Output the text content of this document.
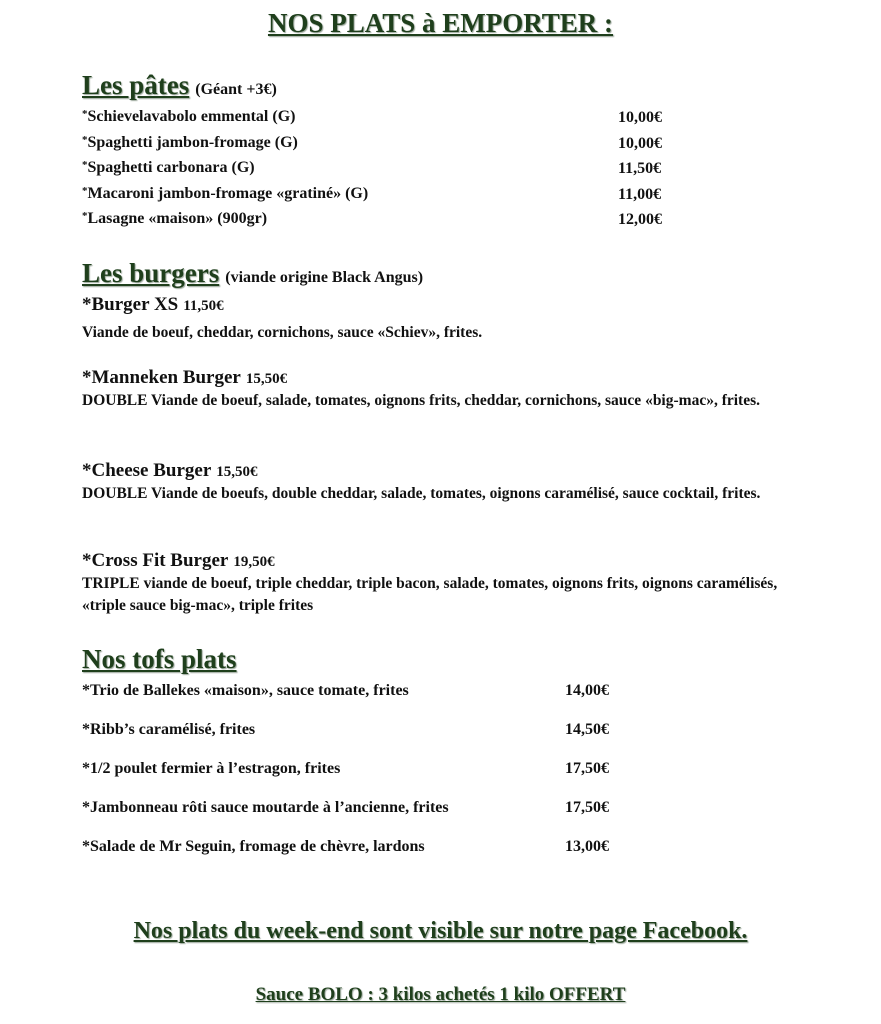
NOS PLATS à EMPORTER :
Les pâtes (Géant +3€)
Les burgers (viande origine Black Angus)
Nos tofs plats
Nos plats du week-end sont visible sur notre page Facebook.
Sauce BOLO : 3 kilos achetés 1 kilo OFFERT
*Schievelavabolo emmental (G)	10,00€
*Spaghetti jambon-fromage (G)	10,00€
*Spaghetti carbonara (G)	11,50€
*Macaroni jambon-fromage «gratiné» (G)	11,00€
*Lasagne «maison» (900gr)	12,00€
*Burger XS 11,50€
Viande de boeuf, cheddar, cornichons, sauce «Schiev», frites.
*Manneken Burger 15,50€
DOUBLE Viande de boeuf, salade, tomates, oignons frits, cheddar, cornichons, sauce «big-mac», frites.
*Cheese Burger 15,50€
DOUBLE Viande de boeufs, double cheddar, salade, tomates, oignons caramélisé, sauce cocktail, frites.
*Cross Fit Burger 19,50€
TRIPLE viande de boeuf, triple cheddar, triple bacon, salade, tomates, oignons frits, oignons caramélisés, «triple sauce big-mac», triple frites
*Trio de Ballekes «maison», sauce tomate, frites	14,00€
*Ribb’s caramélisé, frites	14,50€
*1/2 poulet fermier à l’estragon, frites	17,50€
*Jambonneau rôti sauce moutarde à l’ancienne, frites	17,50€
*Salade de Mr Seguin, fromage de chèvre, lardons	13,00€
